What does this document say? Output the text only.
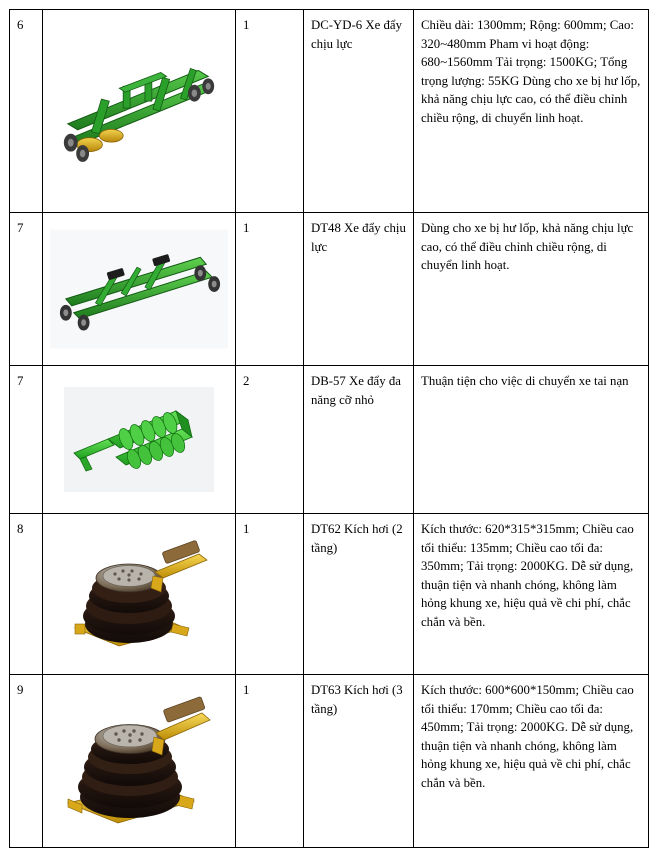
6		1	DC-YD-6 Xe đẩy chịu lực	Chiều dài: 1300mm; Rộng: 600mm; Cao: 320~480mm Pham vi hoạt động: 680~1560mm Tải trọng: 1500KG; Tổng trọng lượng: 55KG Dùng cho xe bị hư lốp, khả năng chịu lực cao, có thể điều chỉnh chiều rộng, di chuyển linh hoạt.
7		1	DT48 Xe đẩy chịu lực	Dùng cho xe bị hư lốp, khả năng chịu lực cao, có thể điều chỉnh chiều rộng, di chuyển linh hoạt.
7		2	DB-57 Xe đẩy đa năng cỡ nhỏ	Thuận tiện cho việc di chuyển xe tai nạn
8		1	DT62 Kích hơi (2 tầng)	Kích thước: 620*315*315mm; Chiều cao tối thiểu: 135mm; Chiều cao tối đa: 350mm; Tải trọng: 2000KG. Dễ sử dụng, thuận tiện và nhanh chóng, không làm hỏng khung xe, hiệu quả về chi phí, chắc chắn và bền.
9		1	DT63 Kích hơi (3 tầng)	Kích thước: 600*600*150mm; Chiều cao tối thiểu: 170mm; Chiều cao tối đa: 450mm; Tải trọng: 2000KG. Dễ sử dụng, thuận tiện và nhanh chóng, không làm hỏng khung xe, hiệu quả về chi phí, chắc chắn và bền.
